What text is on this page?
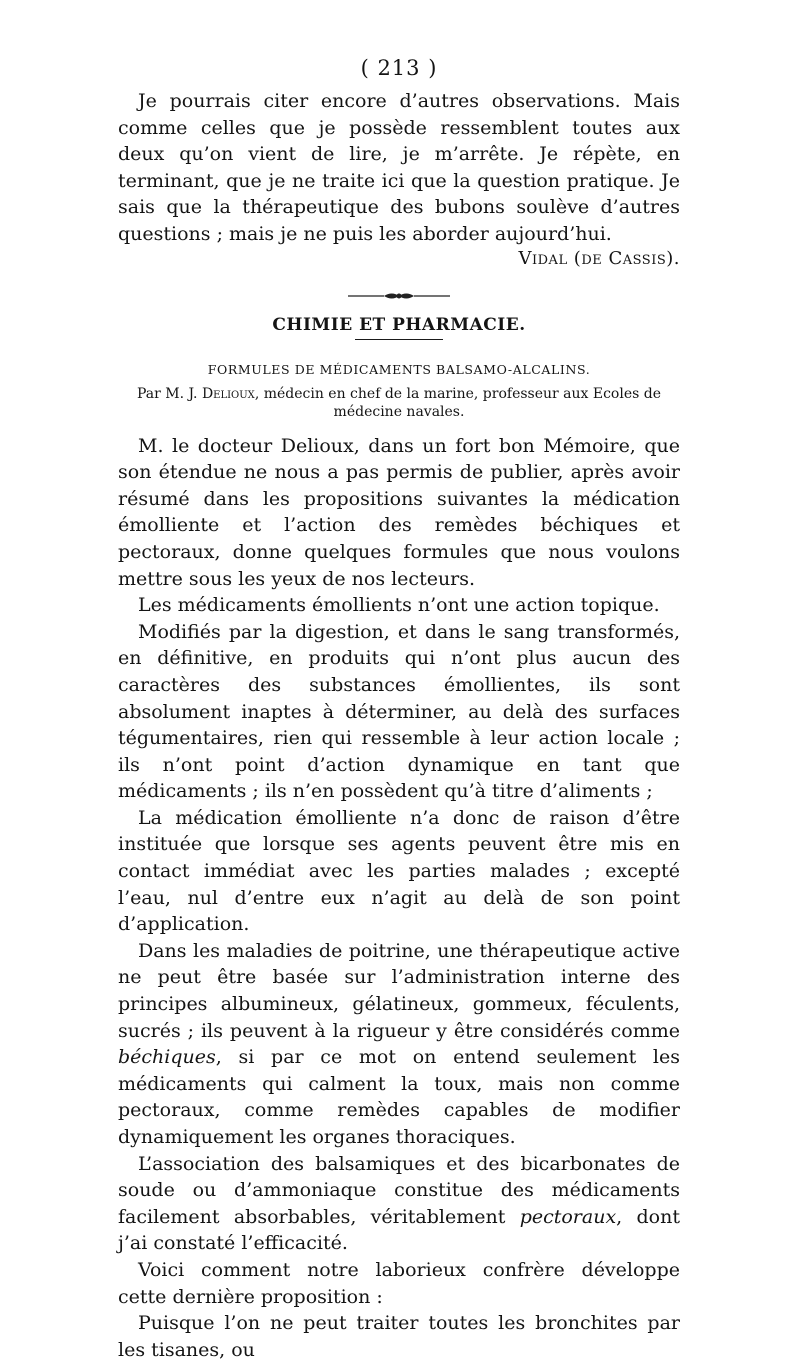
( 213 )

Je pourrais citer encore d’autres observations. Mais comme celles que je possède ressemblent toutes aux deux qu’on vient de lire, je m’arrête. Je répète, en terminant, que je ne traite ici que la question pratique. Je sais que la thérapeutique des bubons soulève d’autres questions ; mais je ne puis les aborder aujourd’hui.

Vidal (de Cassis).
CHIMIE ET PHARMACIE.
FORMULES DE MÉDICAMENTS BALSAMO-ALCALINS.
Par M. J. Delioux, médecin en chef de la marine, professeur aux Ecoles de médecine navales.

M. le docteur Delioux, dans un fort bon Mémoire, que son étendue ne nous a pas permis de publier, après avoir résumé dans les propositions suivantes la médication émolliente et l’action des remèdes béchiques et pectoraux, donne quelques formules que nous voulons mettre sous les yeux de nos lecteurs.

Les médicaments émollients n’ont une action topique.

Modifiés par la digestion, et dans le sang transformés, en définitive, en produits qui n’ont plus aucun des caractères des substances émollientes, ils sont absolument inaptes à déterminer, au delà des surfaces tégumentaires, rien qui ressemble à leur action locale ; ils n’ont point d’action dynamique en tant que médicaments ; ils n’en possèdent qu’à titre d’aliments ;

La médication émolliente n’a donc de raison d’être instituée que lorsque ses agents peuvent être mis en contact immédiat avec les parties malades ; excepté l’eau, nul d’entre eux n’agit au delà de son point d’application.

Dans les maladies de poitrine, une thérapeutique active ne peut être basée sur l’administration interne des principes albumineux, gélatineux, gommeux, féculents, sucrés ; ils peuvent à la rigueur y être considérés comme béchiques, si par ce mot on entend seulement les médicaments qui calment la toux, mais non comme pectoraux, comme remèdes capables de modifier dynamiquement les organes thoraciques.

L’association des balsamiques et des bicarbonates de soude ou d’ammoniaque constitue des médicaments facilement absorbables, véritablement pectoraux, dont j’ai constaté l’efficacité.

Voici comment notre laborieux confrère développe cette dernière proposition :

Puisque l’on ne peut traiter toutes les bronchites par les tisanes, ou
